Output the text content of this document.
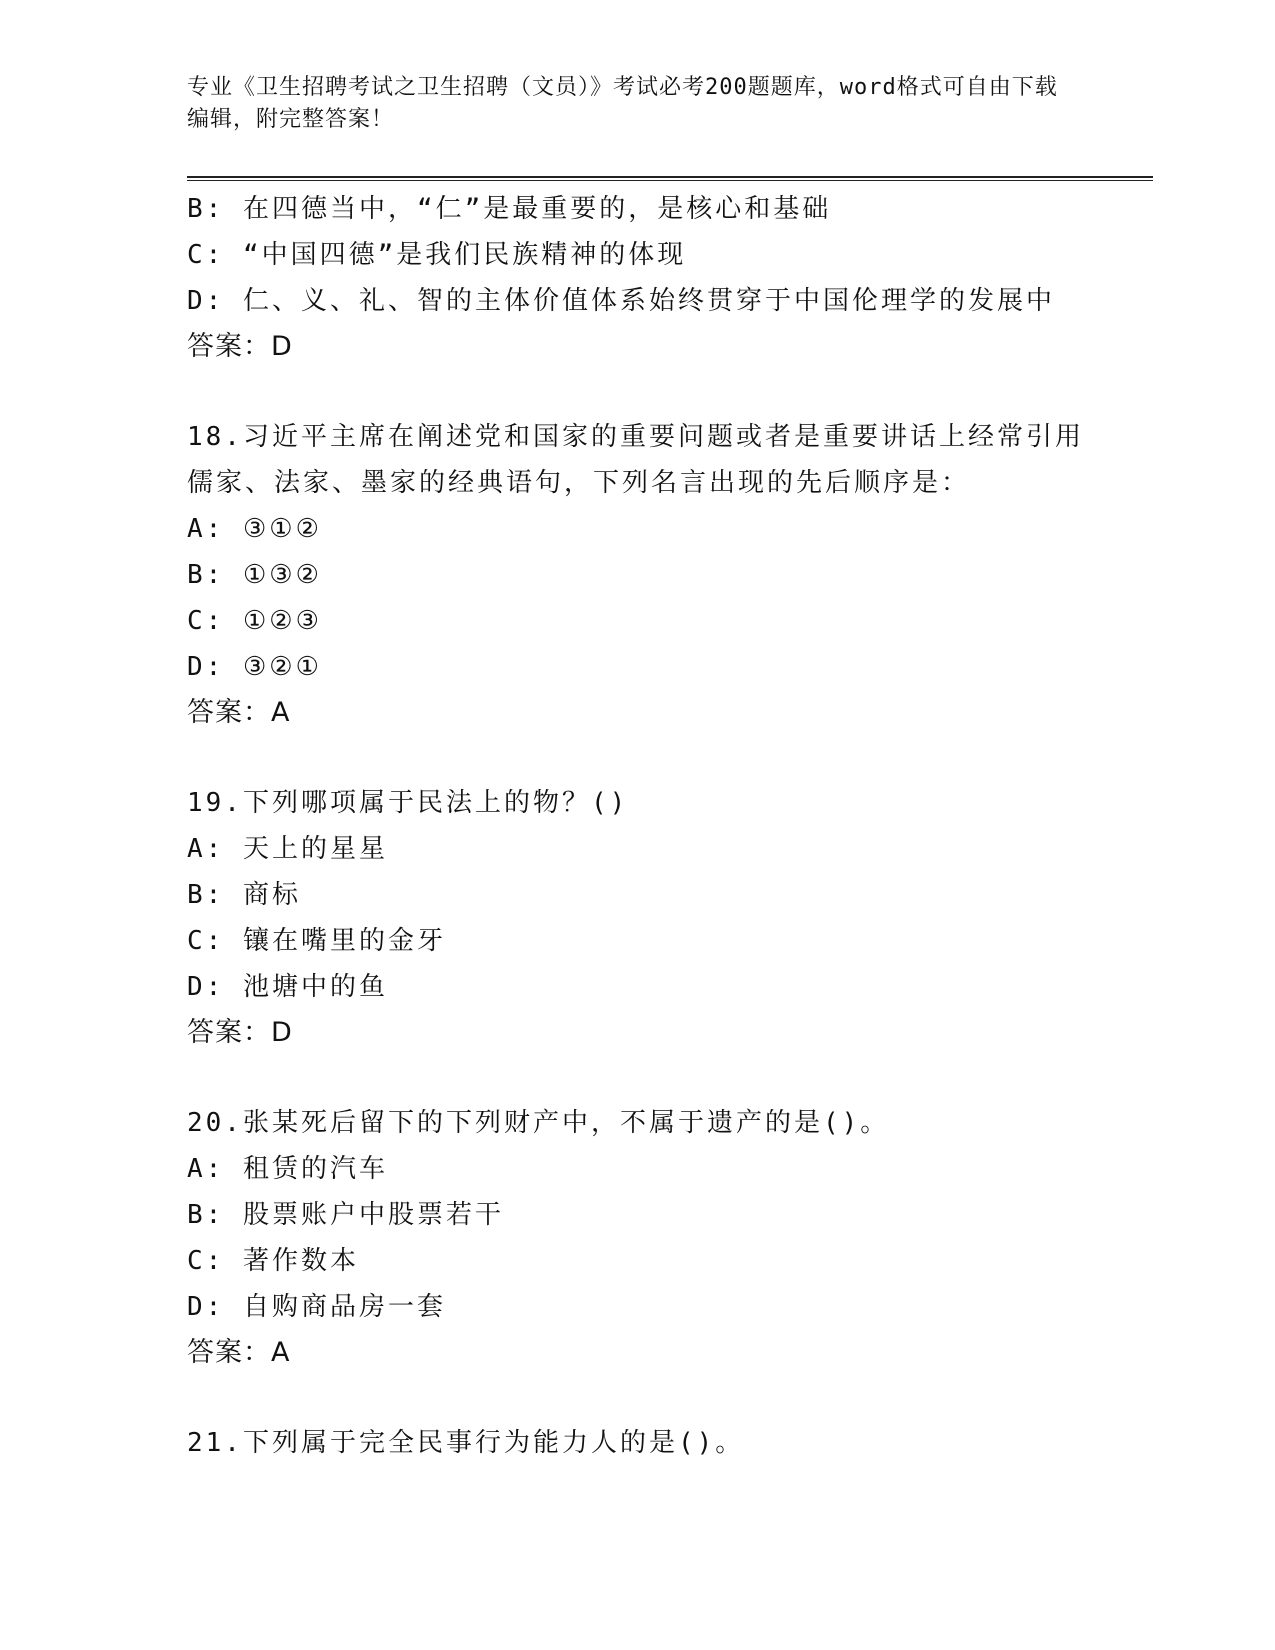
专业《卫生招聘考试之卫生招聘（文员）》考试必考200题题库，word格式可自由下载编辑，附完整答案！
B: 在四德当中，“仁”是最重要的，是核心和基础
C: “中国四德”是我们民族精神的体现
D: 仁、义、礼、智的主体价值体系始终贯穿于中国伦理学的发展中
答案：D
18.习近平主席在阐述党和国家的重要问题或者是重要讲话上经常引用
儒家、法家、墨家的经典语句，下列名言出现的先后顺序是：
A: ③①②
B: ①③②
C: ①②③
D: ③②①
答案：A
19.下列哪项属于民法上的物？()
A: 天上的星星
B: 商标
C: 镶在嘴里的金牙
D: 池塘中的鱼
答案：D
20.张某死后留下的下列财产中，不属于遗产的是()。
A: 租赁的汽车
B: 股票账户中股票若干
C: 著作数本
D: 自购商品房一套
答案：A
21.下列属于完全民事行为能力人的是()。
